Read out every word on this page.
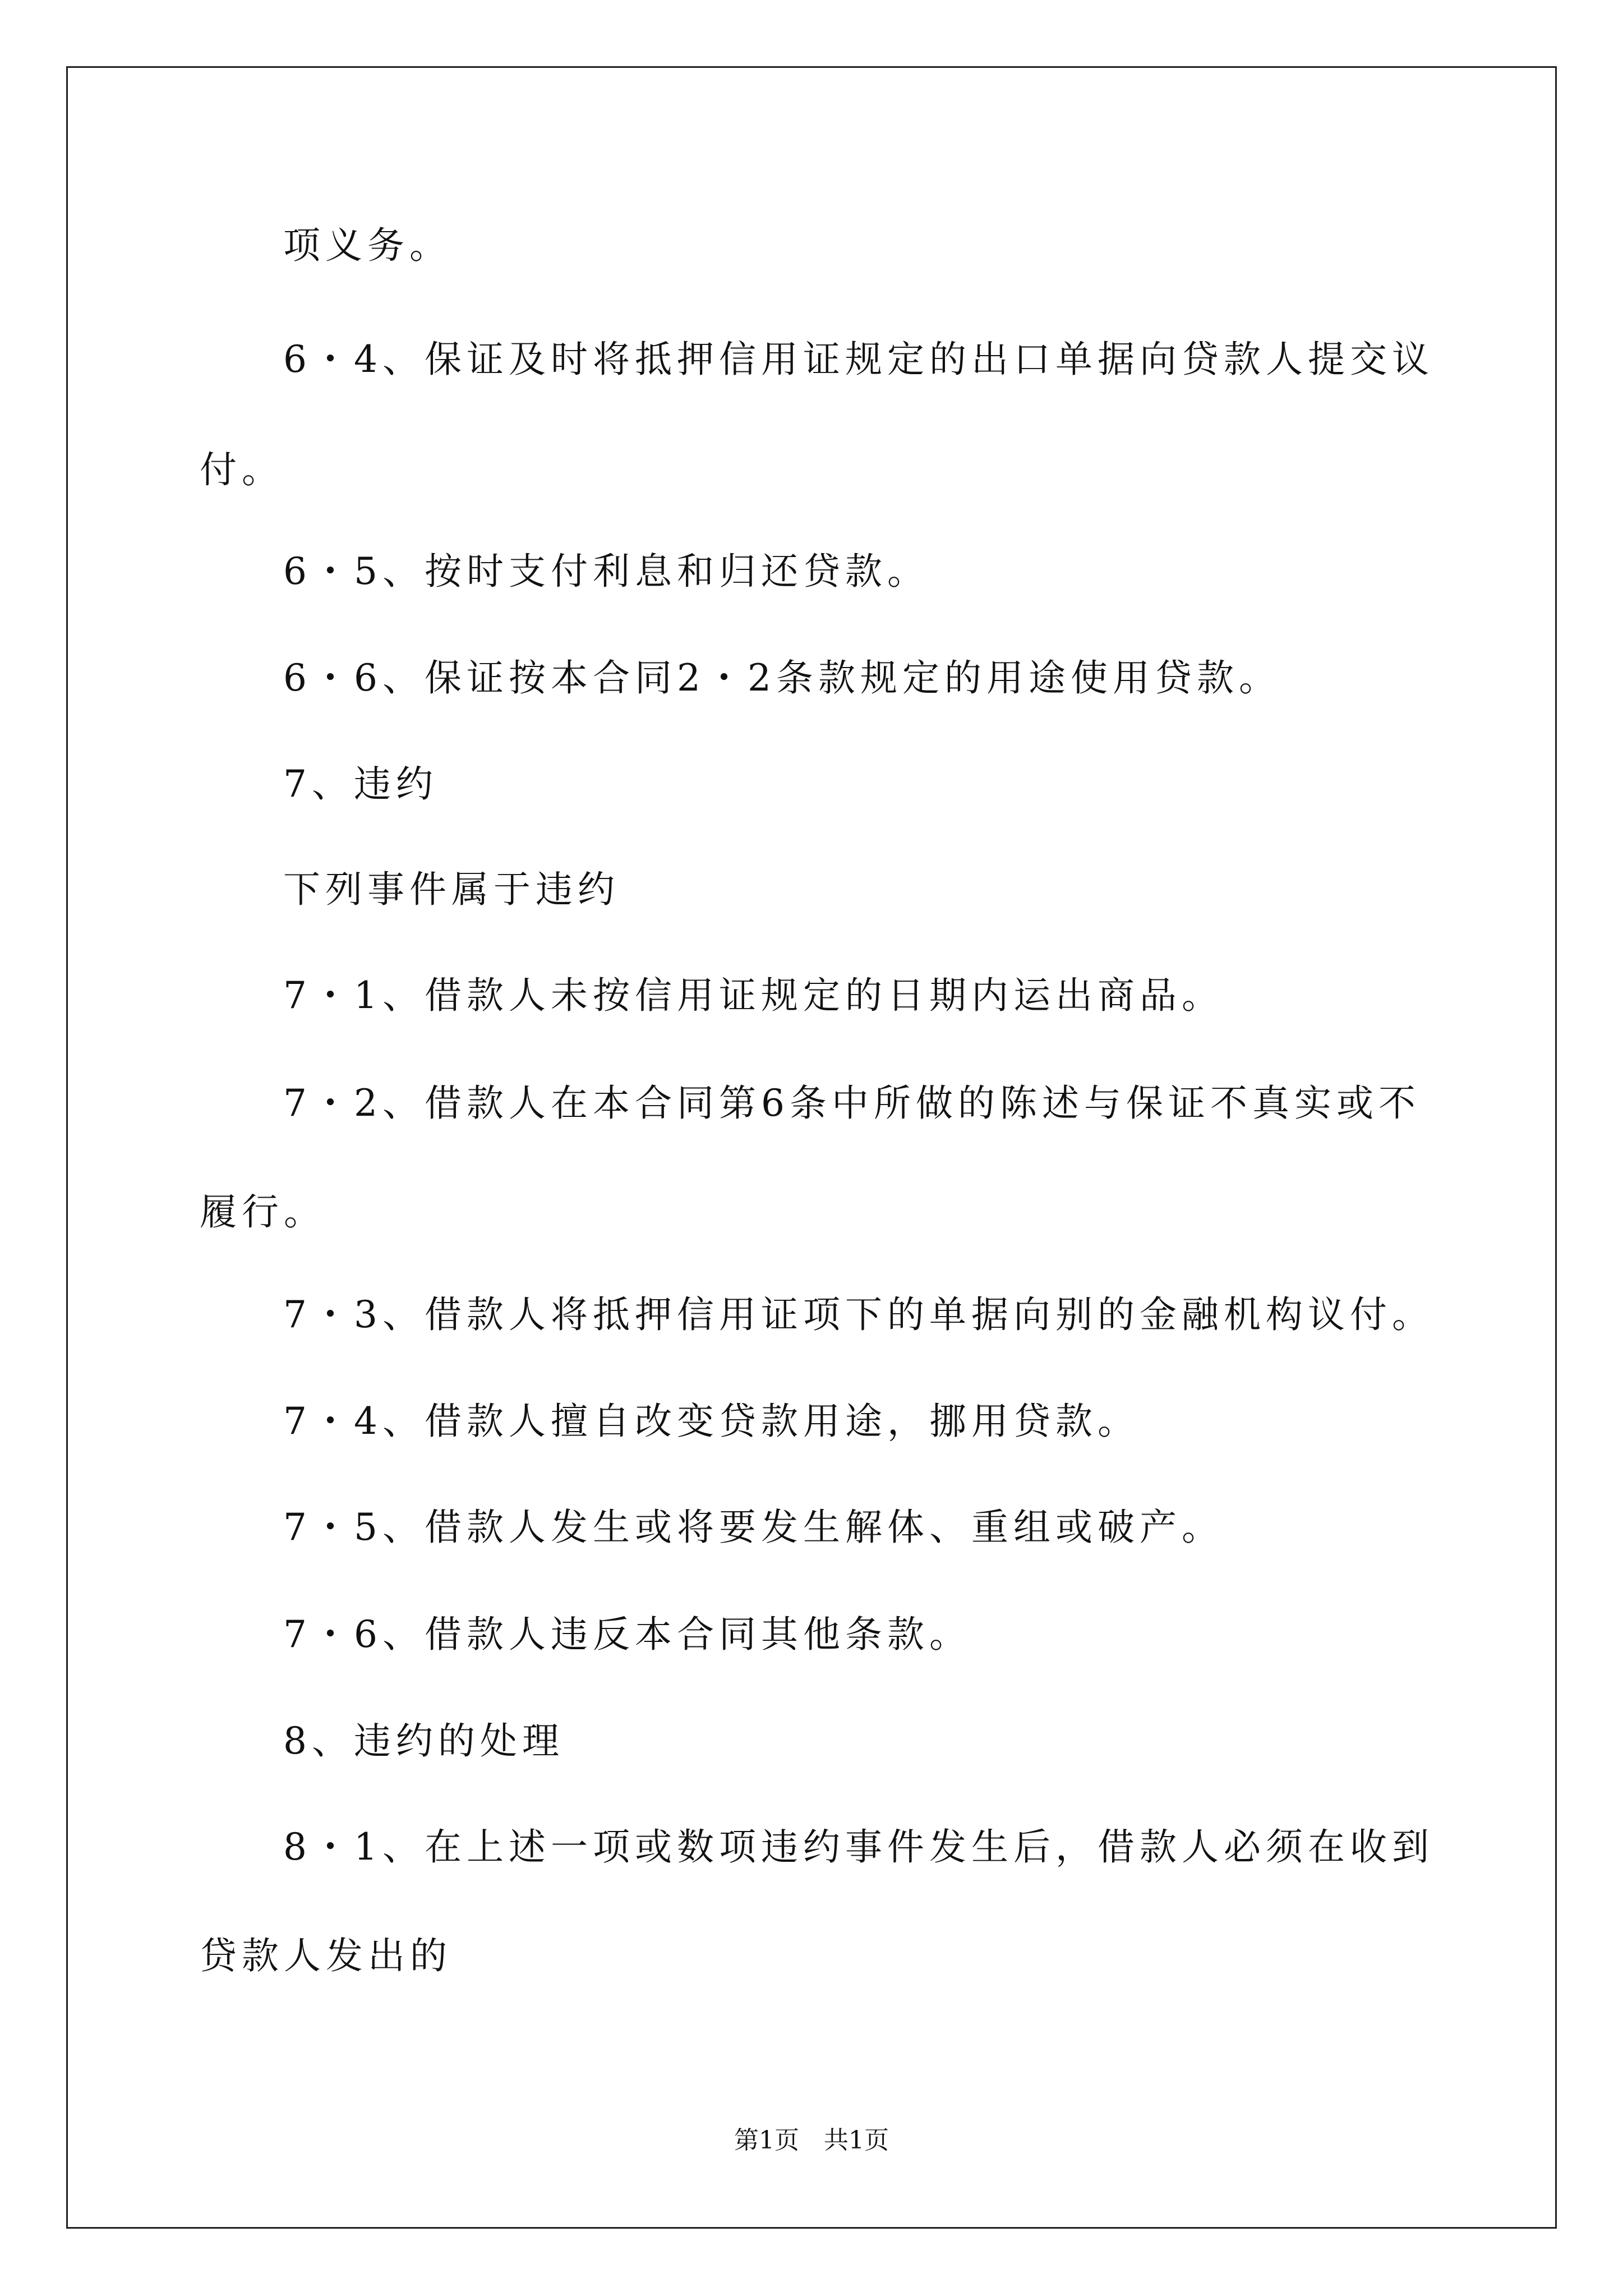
项义务。
6・4、保证及时将抵押信用证规定的出口单据向贷款人提交议
付。
6・5、按时支付利息和归还贷款。
6・6、保证按本合同2・2条款规定的用途使用贷款。
7、违约
下列事件属于违约
7・1、借款人未按信用证规定的日期内运出商品。
7・2、借款人在本合同第6条中所做的陈述与保证不真实或不
履行。
7・3、借款人将抵押信用证项下的单据向别的金融机构议付。
7・4、借款人擅自改变贷款用途，挪用贷款。
7・5、借款人发生或将要发生解体、重组或破产。
7・6、借款人违反本合同其他条款。
8、违约的处理
8・1、在上述一项或数项违约事件发生后，借款人必须在收到
贷款人发出的
第1页　共1页
